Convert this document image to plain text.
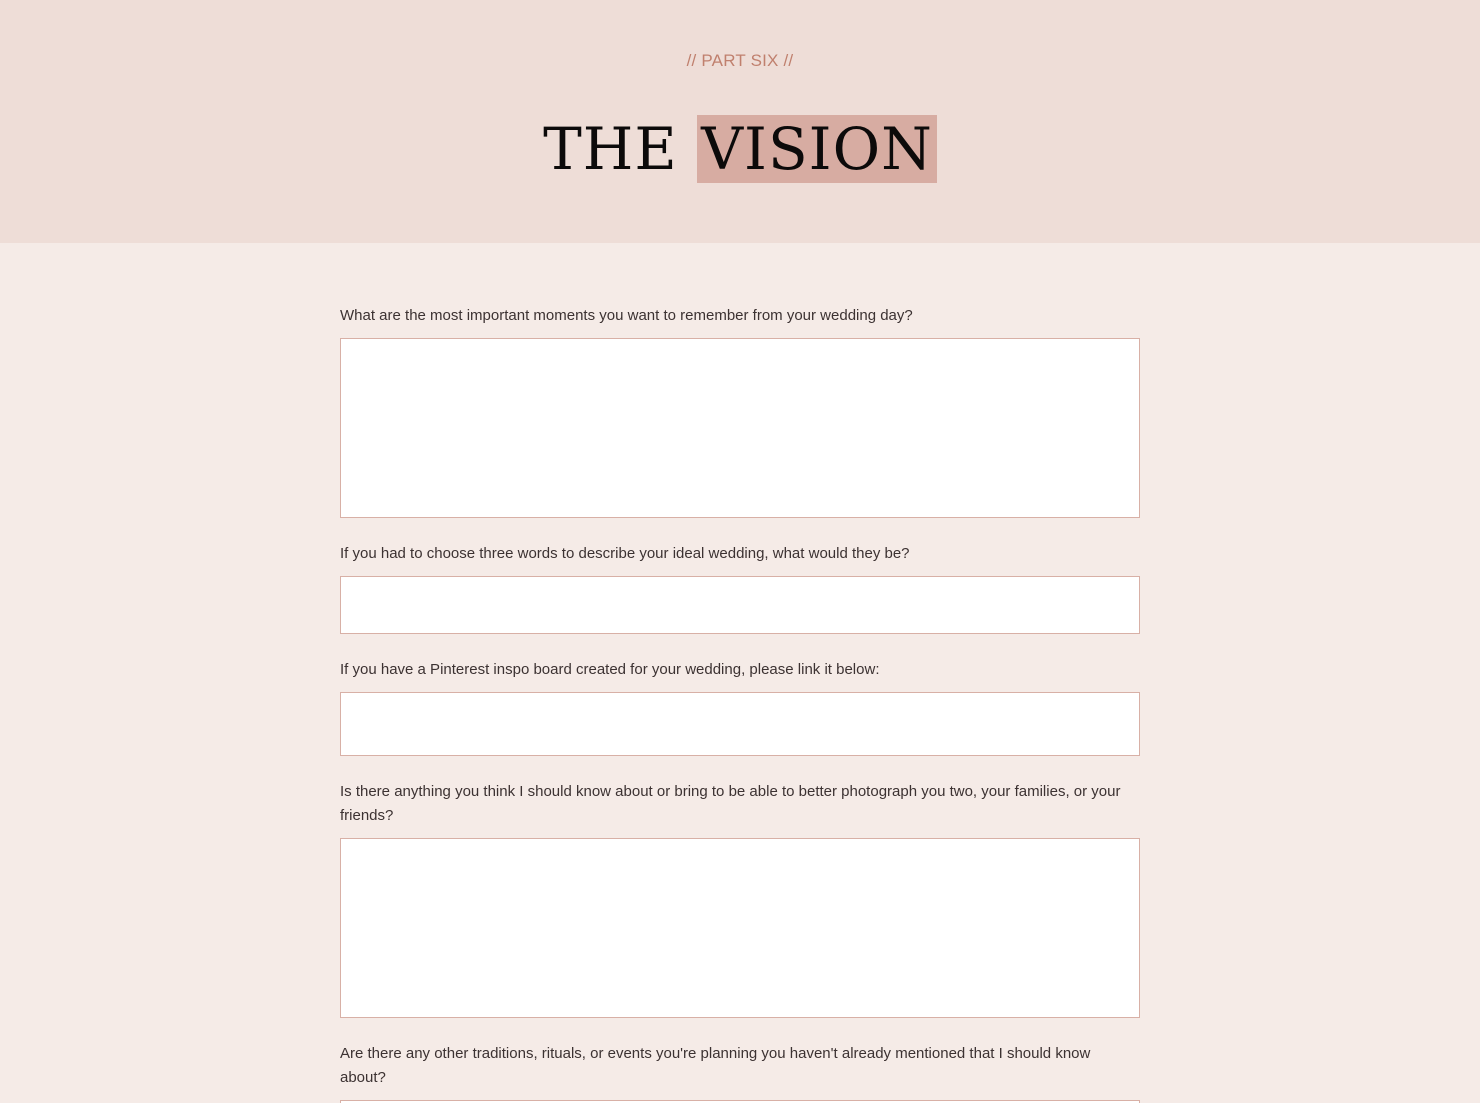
// PART SIX //
THE VISION
What are the most important moments you want to remember from your wedding day?
If you had to choose three words to describe your ideal wedding, what would they be?
If you have a Pinterest inspo board created for your wedding, please link it below:
Is there anything you think I should know about or bring to be able to better photograph you two, your families, or your friends?
Are there any other traditions, rituals, or events you're planning you haven't already mentioned that I should know about?
